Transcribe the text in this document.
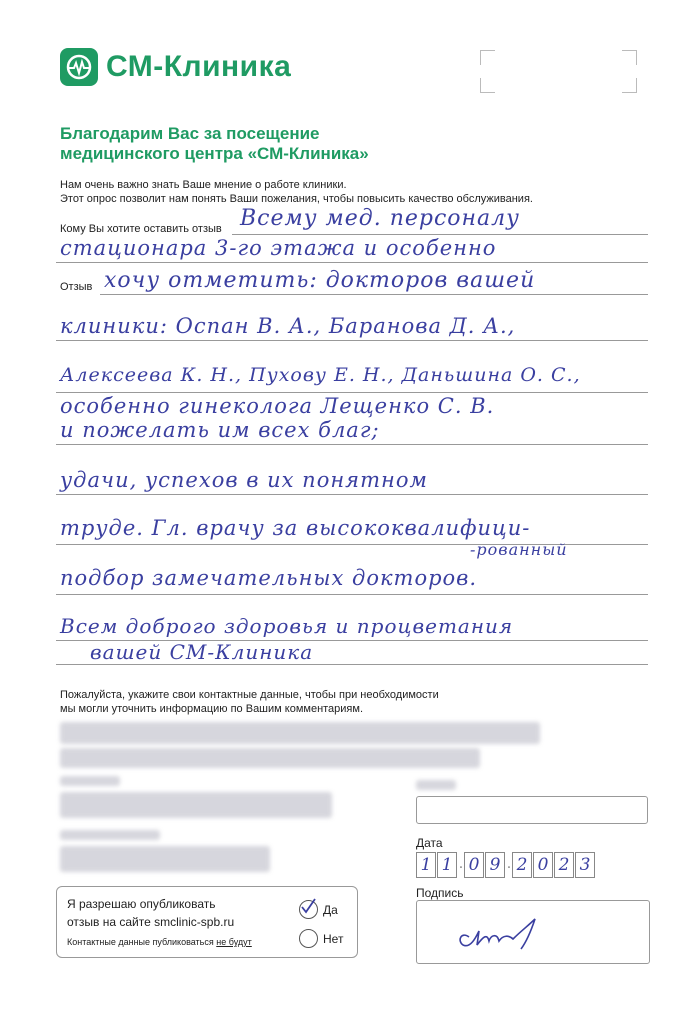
СМ-Клиника
Благодарим Вас за посещение
медицинского центра «СМ-Клиника»
Нам очень важно знать Ваше мнение о работе клиники.
Этот опрос позволит нам понять Ваши пожелания, чтобы повысить качество обслуживания.
Кому Вы хотите оставить отзыв
Отзыв
Всему мед. персоналу
стационара 3-го этажа и особенно
хочу отметить: докторов вашей
клиники: Оспан В. А., Баранова Д. А.,
Алексеева К. Н., Пухову Е. Н., Даньшина О. С.,
особенно гинеколога Лещенко С. В.
и пожелать им всех благ;
удачи, успехов в их понятном
труде. Гл. врачу за высококвалифици-
-рованный
подбор замечательных докторов.
Всем доброго здоровья и процветания
вашей СМ-Клиника
Пожалуйста, укажите свои контактные данные, чтобы при необходимости
мы могли уточнить информацию по Вашим комментариям.
Дата
1 1 . 0 9 . 2 0 2 3
Я разрешаю опубликовать
отзыв на сайте smclinic-spb.ru
Контактные данные публиковаться не будут
Да
Нет
Подпись
